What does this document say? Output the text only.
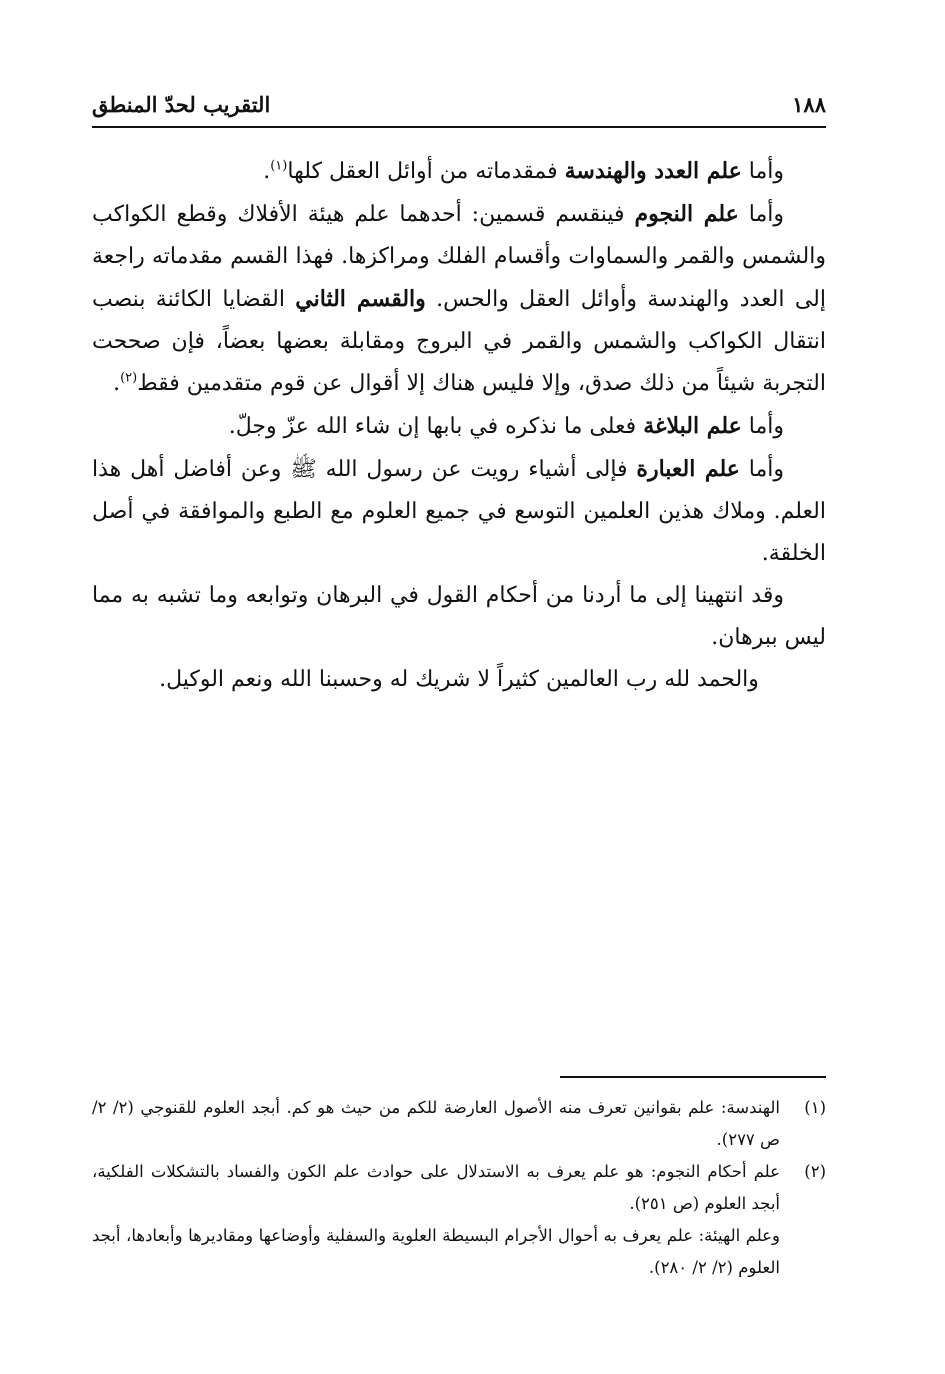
١٨٨
التقريب لحدّ المنطق

وأما علم العدد والهندسة فمقدماته من أوائل العقل كلها$^{(١)}$.

وأما علم النجوم فينقسم قسمين: أحدهما علم هيئة الأفلاك وقطع الكواكب والشمس والقمر والسماوات وأقسام الفلك ومراكزها. فهذا القسم مقدماته راجعة إلى العدد والهندسة وأوائل العقل والحس. والقسم الثاني القضايا الكائنة بنصب انتقال الكواكب والشمس والقمر في البروج ومقابلة بعضها بعضاً، فإن صححت التجربة شيئاً من ذلك صدق، وإلا فليس هناك إلا أقوال عن قوم متقدمين فقط$^{(٢)}$.

وأما علم البلاغة فعلى ما نذكره في بابها إن شاء الله عزّ وجلّ.

وأما علم العبارة فإلى أشياء رويت عن رسول الله ﷺ وعن أفاضل أهل هذا العلم. وملاك هذين العلمين التوسع في جميع العلوم مع الطبع والموافقة في أصل الخلقة.

وقد انتهينا إلى ما أردنا من أحكام القول في البرهان وتوابعه وما تشبه به مما ليس ببرهان.

والحمد لله رب العالمين كثيراً لا شريك له وحسبنا الله ونعم الوكيل.

(١)
الهندسة: علم بقوانين تعرف منه الأصول العارضة للكم من حيث هو كم. أبجد العلوم للقنوجي (٢/ ٢/ ص ٢٧٧).
(٢)
علم أحكام النجوم: هو علم يعرف به الاستدلال على حوادث علم الكون والفساد بالتشكلات الفلكية، أبجد العلوم (ص ٢٥١).
وعلم الهيئة: علم يعرف به أحوال الأجرام البسيطة العلوية والسفلية وأوضاعها ومقاديرها وأبعادها، أبجد العلوم (٢/ ٢/ ٢٨٠).
